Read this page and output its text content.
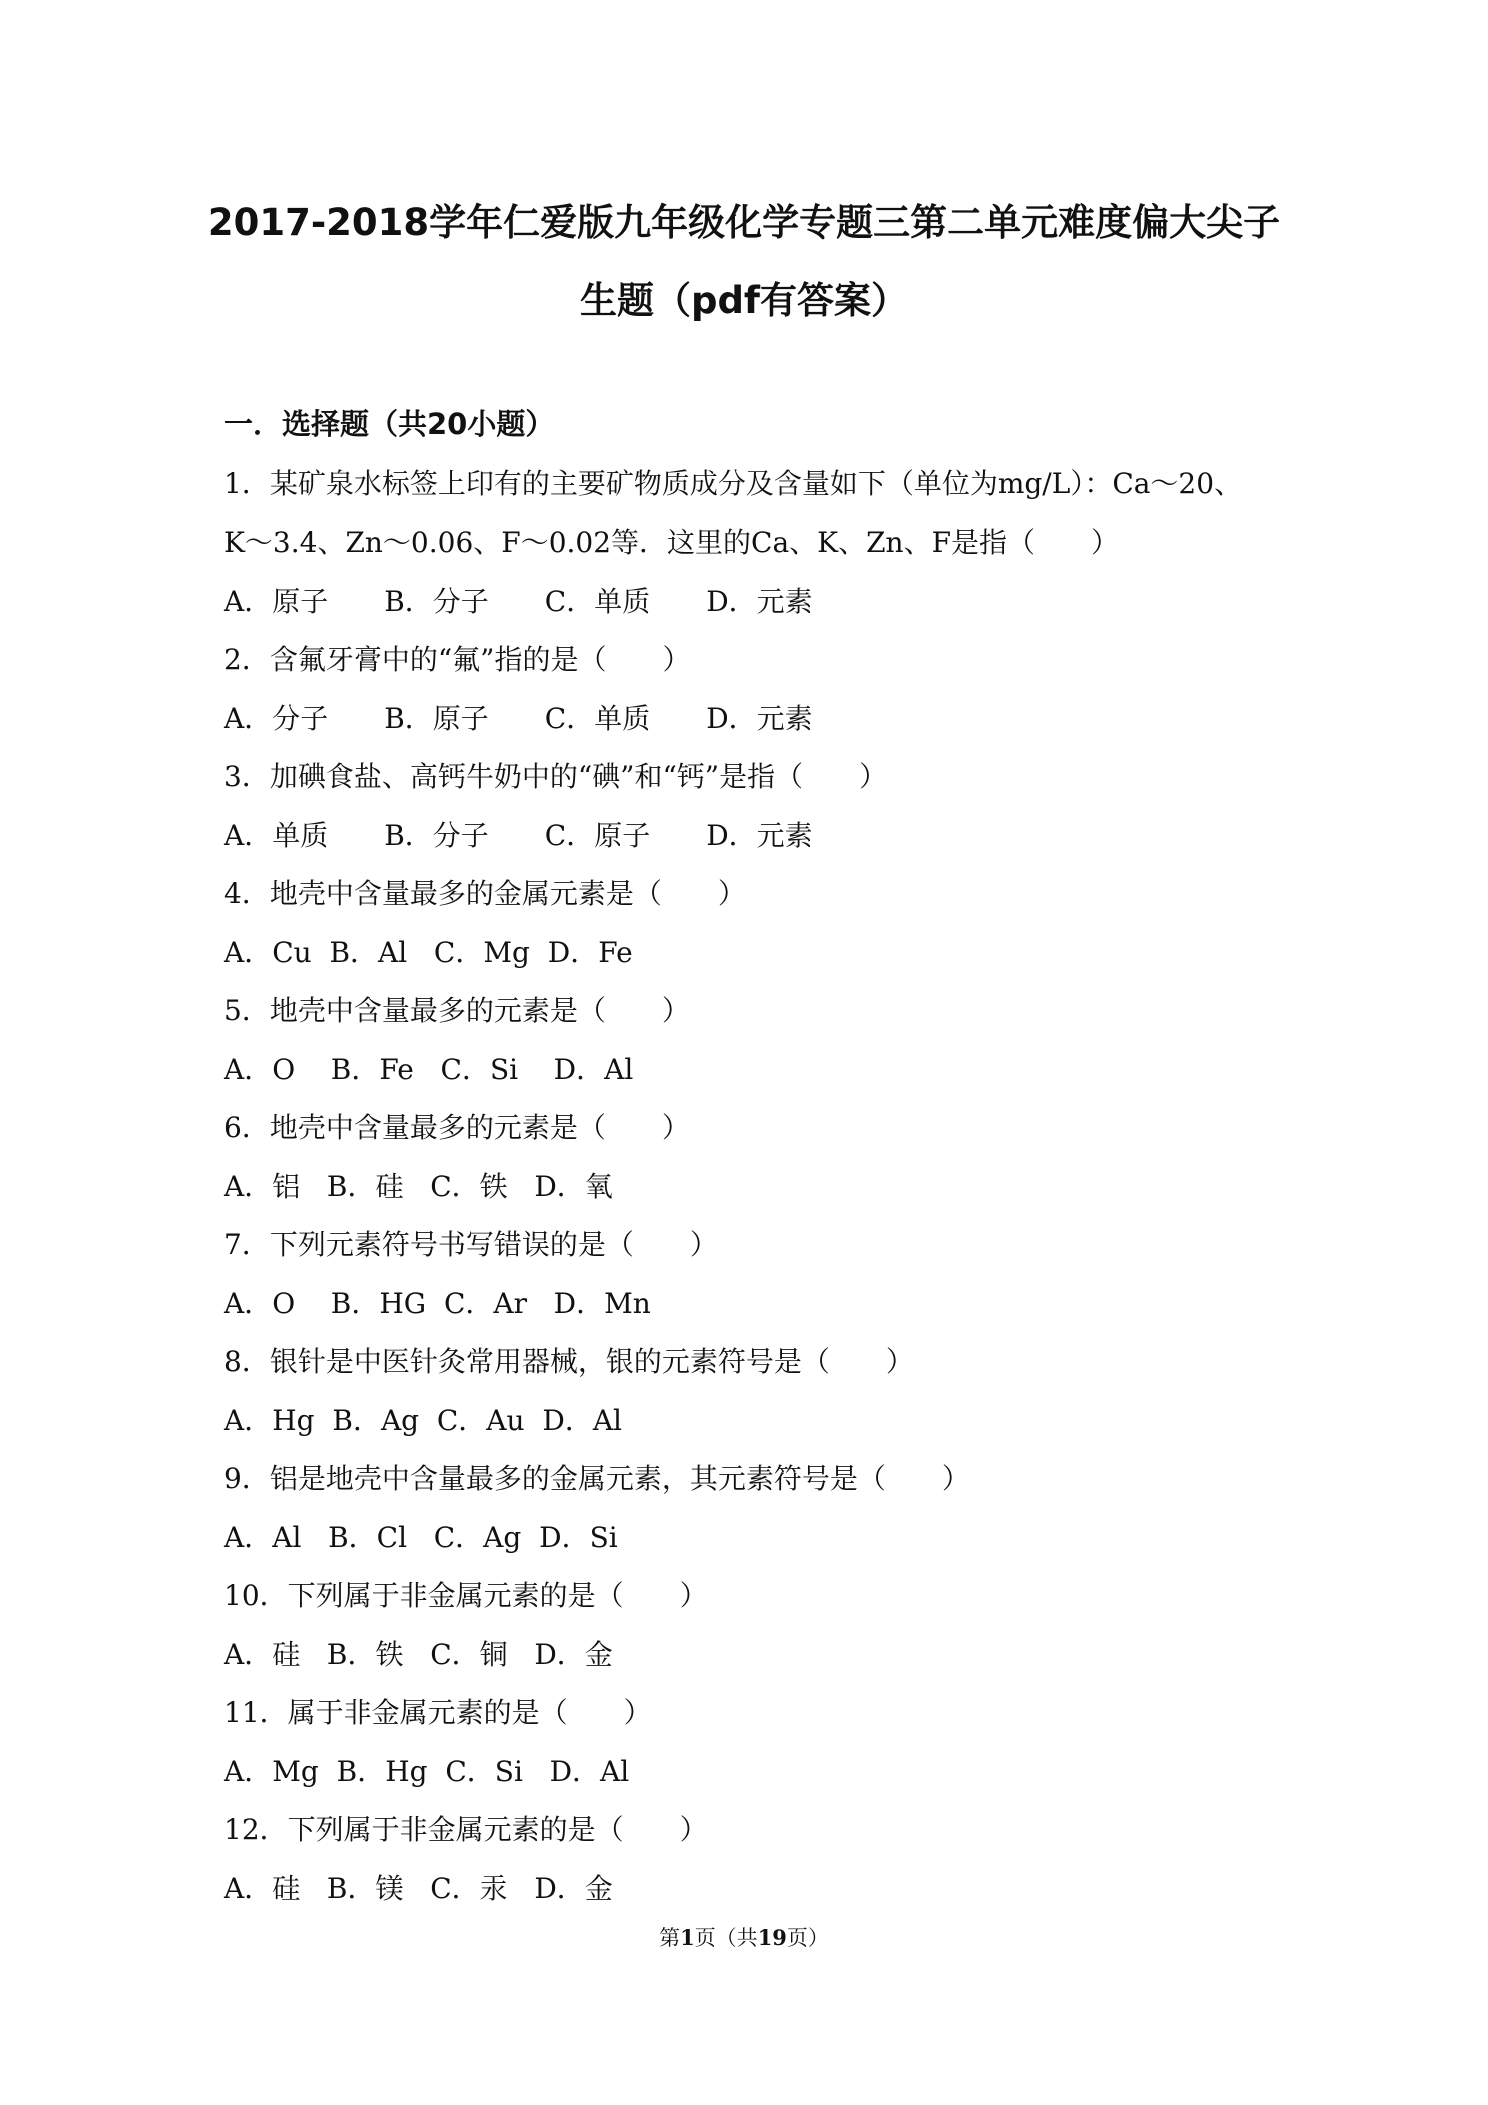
2017-2018学年仁爱版九年级化学专题三第二单元难度偏大尖子
生题（pdf有答案）
一．选择题（共20小题）
1．某矿泉水标签上印有的主要矿物质成分及含量如下（单位为mg/L）：Ca～20、
K～3.4、Zn～0.06、F～0.02等．这里的Ca、K、Zn、F是指（　　）
A．原子　　B．分子　　C．单质　　D．元素
2．含氟牙膏中的“氟”指的是（　　）
A．分子　　B．原子　　C．单质　　D．元素
3．加碘食盐、高钙牛奶中的“碘”和“钙”是指（　　）
A．单质　　B．分子　　C．原子　　D．元素
4．地壳中含量最多的金属元素是（　　）
A．Cu  B．Al   C．Mg  D．Fe
5．地壳中含量最多的元素是（　　）
A．O    B．Fe   C．Si    D．Al
6．地壳中含量最多的元素是（　　）
A．铝   B．硅   C．铁   D．氧
7．下列元素符号书写错误的是（　　）
A．O    B．HG  C．Ar   D．Mn
8．银针是中医针灸常用器械，银的元素符号是（　　）
A．Hg  B．Ag  C．Au  D．Al
9．铝是地壳中含量最多的金属元素，其元素符号是（　　）
A．Al   B．Cl   C．Ag  D．Si
10．下列属于非金属元素的是（　　）
A．硅   B．铁   C．铜   D．金
11．属于非金属元素的是（　　）
A．Mg  B．Hg  C．Si   D．Al
12．下列属于非金属元素的是（　　）
A．硅   B．镁   C．汞   D．金
第1页（共19页）
